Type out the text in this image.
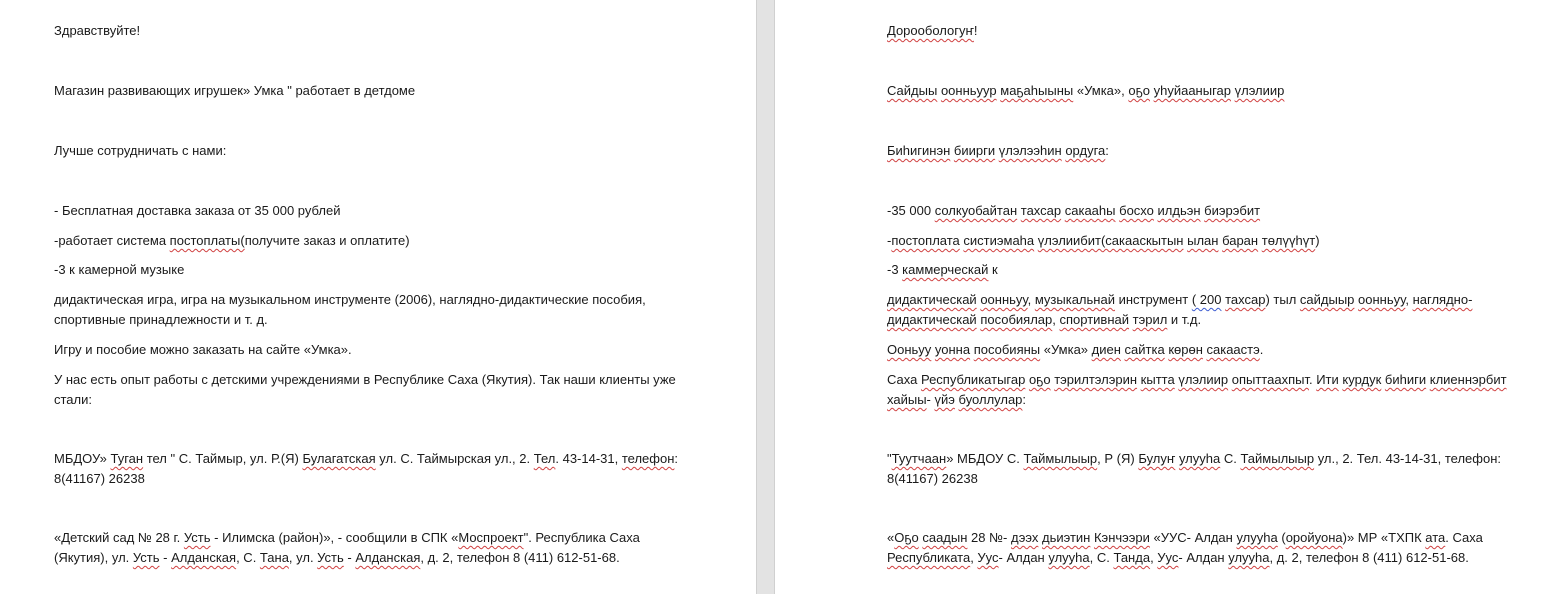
Здравствуйте!
Магазин развивающих игрушек» Умка " работает в детдоме
Лучше сотрудничать с нами:
- Бесплатная доставка заказа от 35 000 рублей
-работает система постоплаты(получите заказ и оплатите)
-3 к камерной музыке
дидактическая игра, игра на музыкальном инструменте (2006), наглядно-дидактические пособия,
спортивные принадлежности и т. д.
Игру и пособие можно заказать на сайте «Умка».
У нас есть опыт работы с детскими учреждениями в Республике Саха (Якутия). Так наши клиенты уже
стали:
МБДОУ» Туган тел " С. Таймыр, ул. Р.(Я) Булагатская ул. С. Таймырская ул., 2. Тел. 43-14-31, телефон:
8(41167) 26238
«Детский сад № 28 г. Усть - Илимска (район)», - сообщили в СПК «Моспроект". Республика Саха
(Якутия), ул. Усть - Алданская, С. Тана, ул. Усть - Алданская, д. 2, телефон 8 (411) 612-51-68.
Дорообологуҥ!
Сайдыы оонньуур маҕаһыыны «Умка», оҕо уһуйааныгар үлэлиир
Биһигинэн биирги үлэлээһин ордуга:
-35 000 солкуобайтан тахсар сакааһы босхо илдьэн биэрэбит
-постоплата систиэмаһа үлэлиибит(сакааскытын ылан баран төлүүһүт)
-3 каммерческай к
дидактическай оонньуу, музыкальнай инструмент ( 200 тахсар) тыл сайдыыр оонньуу, наглядно-
дидактическай пособиялар, спортивнай тэрил и т.д.
Ооньуу уонна пособияны «Умка» диен сайтка көрөн сакаастэ.
Саха Республикатыгар оҕо тэрилтэлэрин кытта үлэлиир опыттаахпыт. Ити курдук биһиги клиеннэрбит
хайыы- үйэ буоллулар:
"Туутчаан» МБДОУ С. Таймылыыр, Р (Я) Булуҥ улууһа С. Таймылыыр ул., 2. Тел. 43-14-31, телефон:
8(41167) 26238
«Оҕо саадын 28 №- дээх дьиэтин Кэнчээри «УУС- Алдан улууһа (оройуона)» МР «ТХПК ата. Саха
Республиката, Уус- Алдан улууһа, С. Танда, Уус- Алдан улууһа, д. 2, телефон 8 (411) 612-51-68.
